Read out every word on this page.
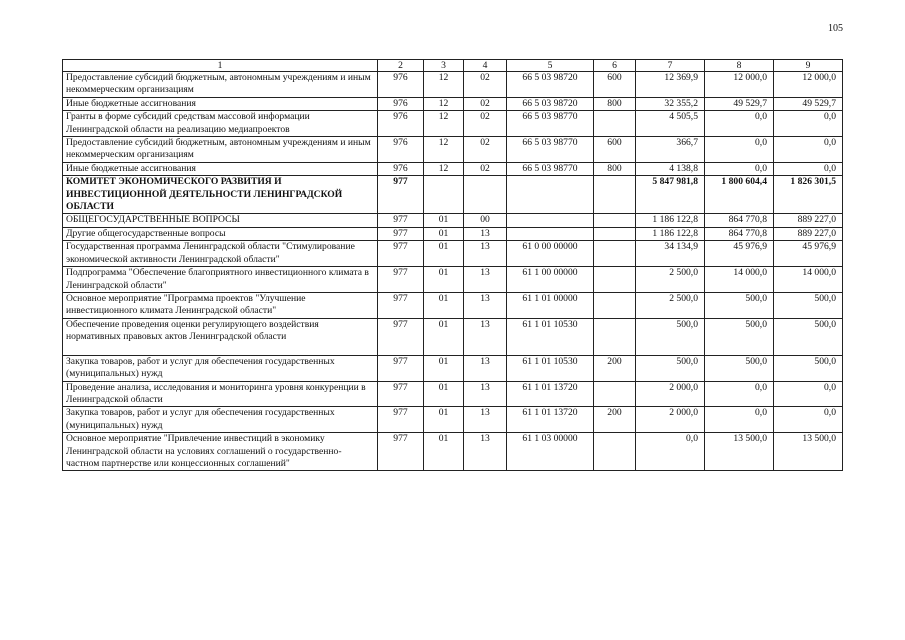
105
1	2	3	4	5	6	7	8	9
Предоставление субсидий бюджетным, автономным учреждениям и иным некоммерческим организациям	976	12	02	66 5 03 98720	600	12 369,9	12 000,0	12 000,0
Иные бюджетные ассигнования	976	12	02	66 5 03 98720	800	32 355,2	49 529,7	49 529,7
Гранты в форме субсидий средствам массовой информации Ленинградской области на реализацию медиапроектов	976	12	02	66 5 03 98770		4 505,5	0,0	0,0
Предоставление субсидий бюджетным, автономным учреждениям и иным некоммерческим организациям	976	12	02	66 5 03 98770	600	366,7	0,0	0,0
Иные бюджетные ассигнования	976	12	02	66 5 03 98770	800	4 138,8	0,0	0,0
КОМИТЕТ ЭКОНОМИЧЕСКОГО РАЗВИТИЯ И ИНВЕСТИЦИОННОЙ ДЕЯТЕЛЬНОСТИ ЛЕНИНГРАДСКОЙ ОБЛАСТИ	977					5 847 981,8	1 800 604,4	1 826 301,5
ОБЩЕГОСУДАРСТВЕННЫЕ ВОПРОСЫ	977	01	00			1 186 122,8	864 770,8	889 227,0
Другие общегосударственные вопросы	977	01	13			1 186 122,8	864 770,8	889 227,0
Государственная программа Ленинградской области "Стимулирование экономической активности Ленинградской области"	977	01	13	61 0 00 00000		34 134,9	45 976,9	45 976,9
Подпрограмма "Обеспечение благоприятного инвестиционного климата в Ленинградской области"	977	01	13	61 1 00 00000		2 500,0	14 000,0	14 000,0
Основное мероприятие "Программа проектов "Улучшение инвестиционного климата Ленинградской области"	977	01	13	61 1 01 00000		2 500,0	500,0	500,0
Обеспечение проведения оценки регулирующего воздействия нормативных правовых актов Ленинградской области	977	01	13	61 1 01 10530		500,0	500,0	500,0
Закупка товаров, работ и услуг для обеспечения государственных (муниципальных) нужд	977	01	13	61 1 01 10530	200	500,0	500,0	500,0
Проведение анализа, исследования и мониторинга уровня конкуренции в Ленинградской области	977	01	13	61 1 01 13720		2 000,0	0,0	0,0
Закупка товаров, работ и услуг для обеспечения государственных (муниципальных) нужд	977	01	13	61 1 01 13720	200	2 000,0	0,0	0,0
Основное мероприятие "Привлечение инвестиций в экономику Ленинградской области на условиях соглашений о государственно-частном партнерстве или концессионных соглашений"	977	01	13	61 1 03 00000		0,0	13 500,0	13 500,0
